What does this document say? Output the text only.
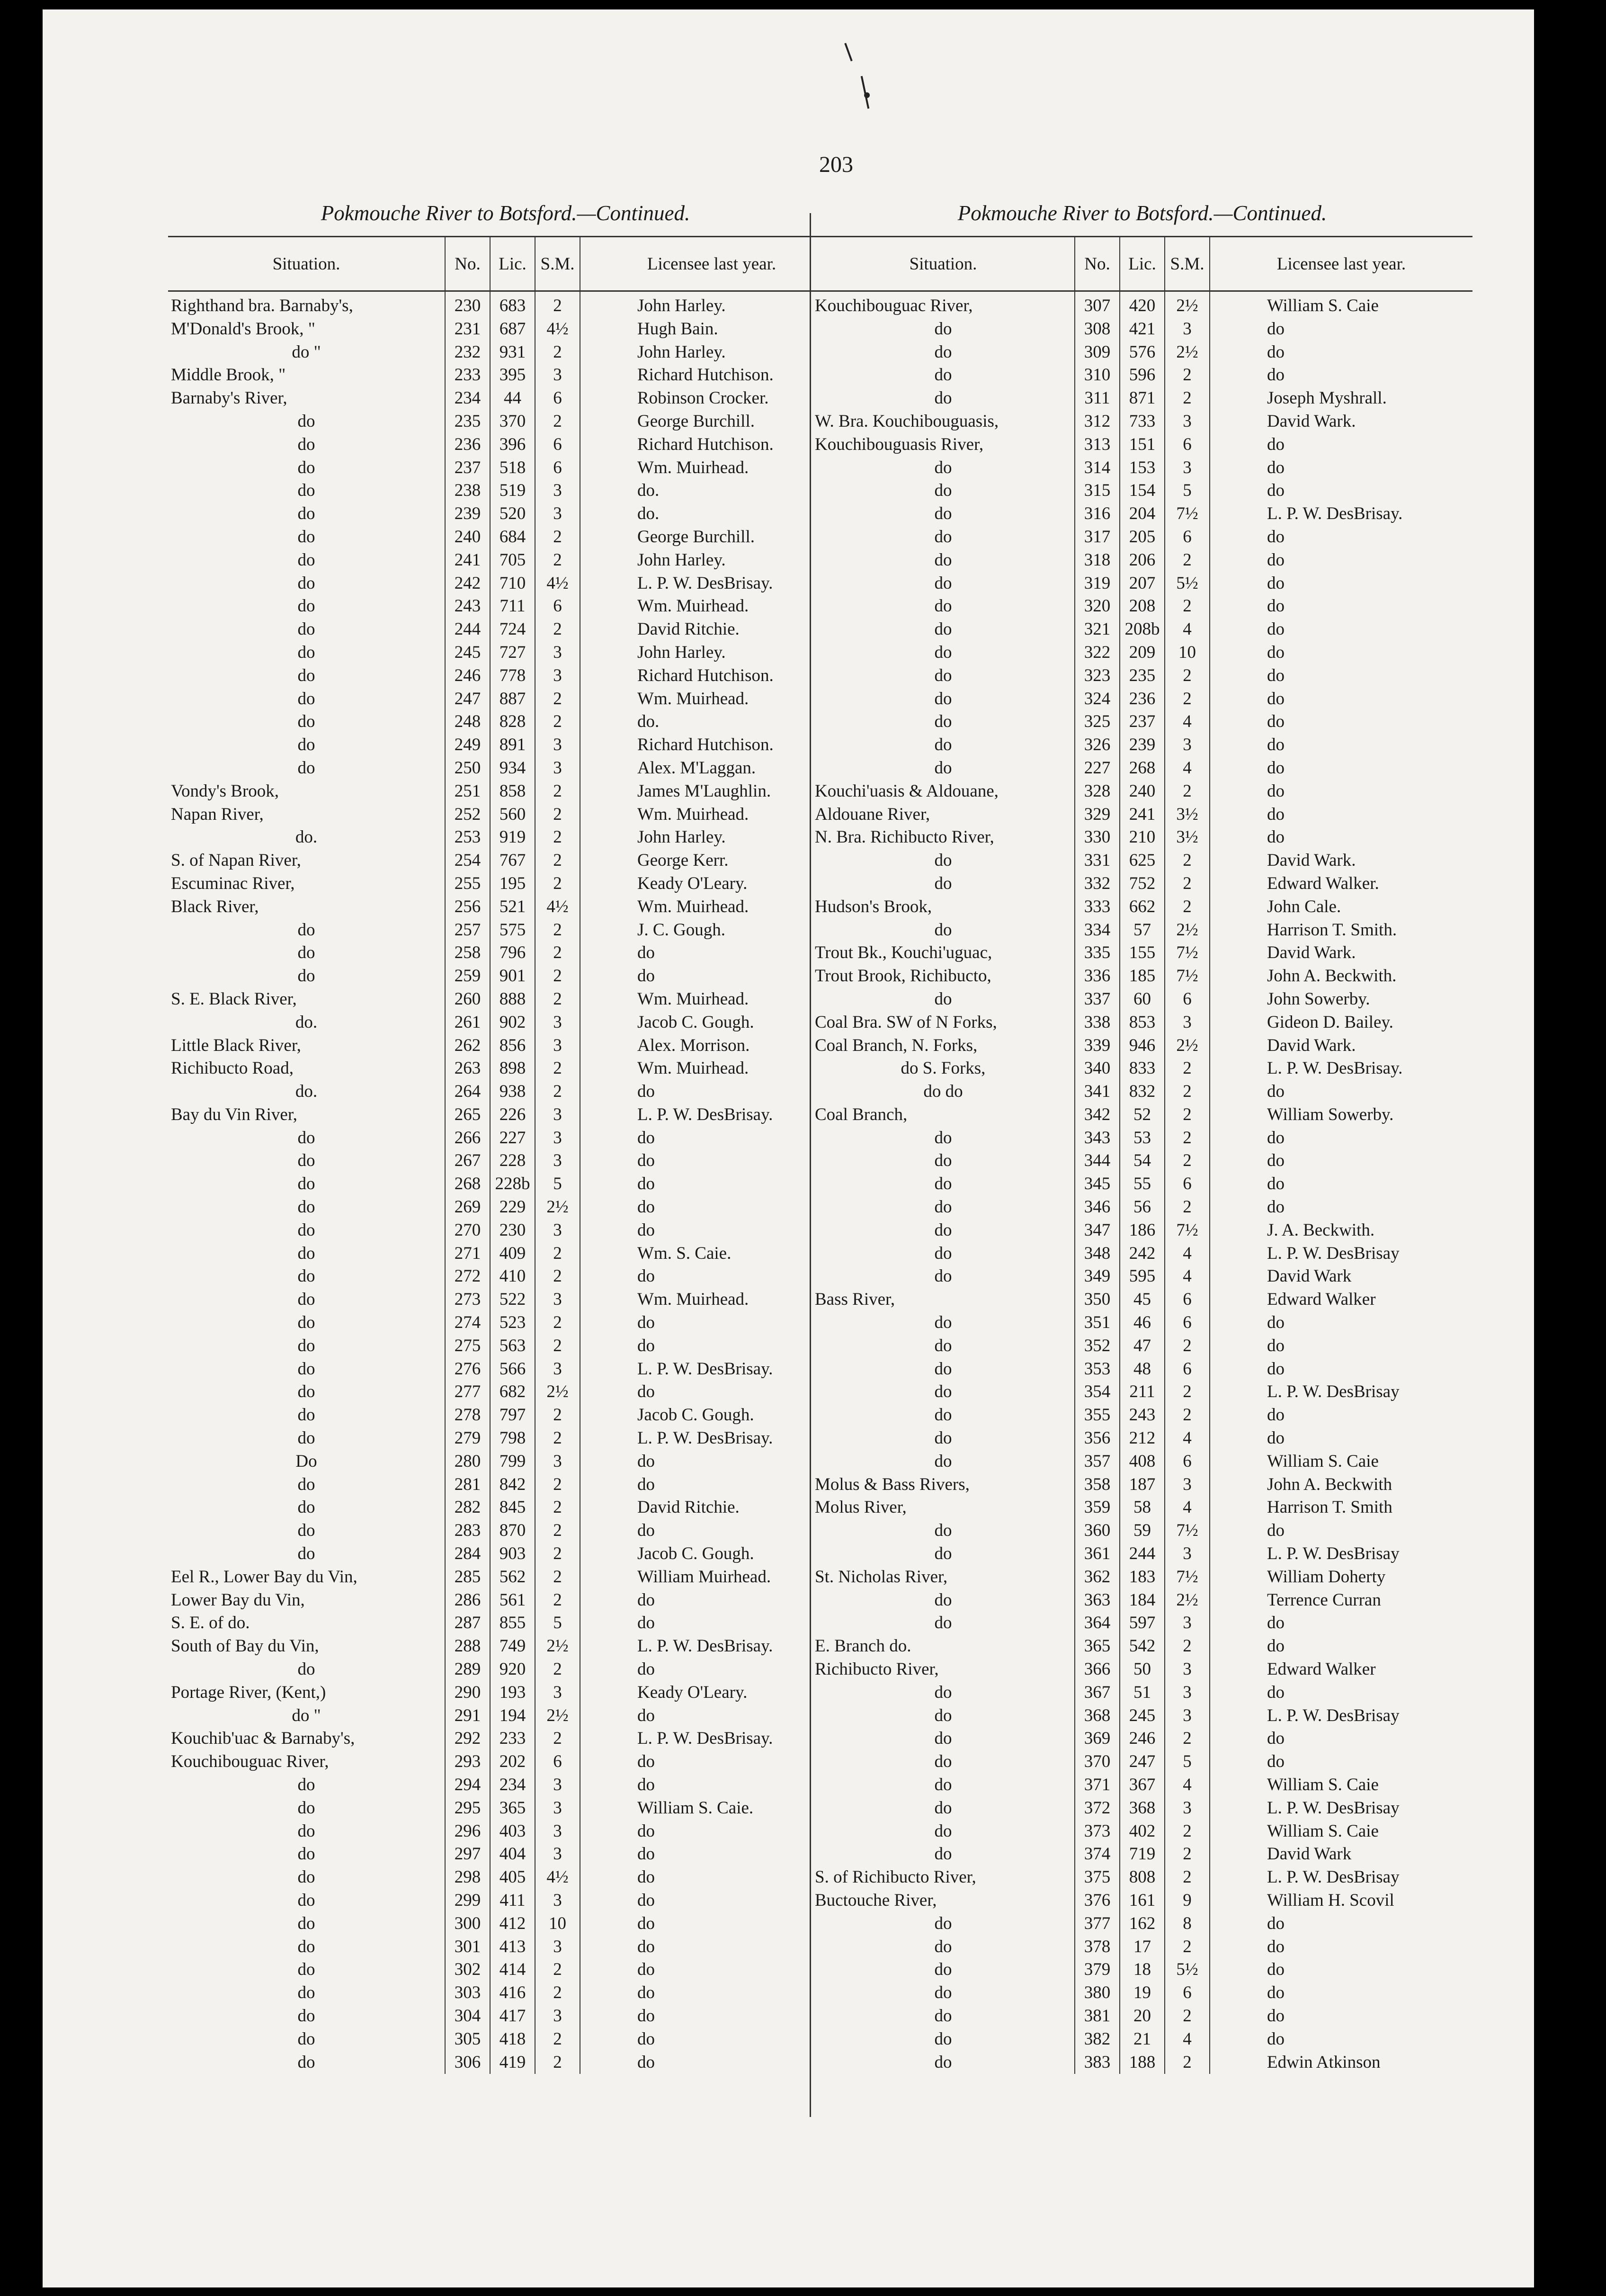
203
Pokmouche River to Botsford.—Continued.
Situation.	No.	Lic.	S.M.	Licensee last year.
Righthand bra. Barnaby's,	230	683	2	John Harley.
M'Donald's Brook, "	231	687	4½	Hugh Bain.
do "	232	931	2	John Harley.
Middle Brook, "	233	395	3	Richard Hutchison.
Barnaby's River,	234	44	6	Robinson Crocker.
do	235	370	2	George Burchill.
do	236	396	6	Richard Hutchison.
do	237	518	6	Wm. Muirhead.
do	238	519	3	do.
do	239	520	3	do.
do	240	684	2	George Burchill.
do	241	705	2	John Harley.
do	242	710	4½	L. P. W. DesBrisay.
do	243	711	6	Wm. Muirhead.
do	244	724	2	David Ritchie.
do	245	727	3	John Harley.
do	246	778	3	Richard Hutchison.
do	247	887	2	Wm. Muirhead.
do	248	828	2	do.
do	249	891	3	Richard Hutchison.
do	250	934	3	Alex. M'Laggan.
Vondy's Brook,	251	858	2	James M'Laughlin.
Napan River,	252	560	2	Wm. Muirhead.
do.	253	919	2	John Harley.
S. of Napan River,	254	767	2	George Kerr.
Escuminac River,	255	195	2	Keady O'Leary.
Black River,	256	521	4½	Wm. Muirhead.
do	257	575	2	J. C. Gough.
do	258	796	2	do
do	259	901	2	do
S. E. Black River,	260	888	2	Wm. Muirhead.
do.	261	902	3	Jacob C. Gough.
Little Black River,	262	856	3	Alex. Morrison.
Richibucto Road,	263	898	2	Wm. Muirhead.
do.	264	938	2	do
Bay du Vin River,	265	226	3	L. P. W. DesBrisay.
do	266	227	3	do
do	267	228	3	do
do	268	228b	5	do
do	269	229	2½	do
do	270	230	3	do
do	271	409	2	Wm. S. Caie.
do	272	410	2	do
do	273	522	3	Wm. Muirhead.
do	274	523	2	do
do	275	563	2	do
do	276	566	3	L. P. W. DesBrisay.
do	277	682	2½	do
do	278	797	2	Jacob C. Gough.
do	279	798	2	L. P. W. DesBrisay.
Do	280	799	3	do
do	281	842	2	do
do	282	845	2	David Ritchie.
do	283	870	2	do
do	284	903	2	Jacob C. Gough.
Eel R., Lower Bay du Vin,	285	562	2	William Muirhead.
Lower Bay du Vin,	286	561	2	do
S. E. of do.	287	855	5	do
South of Bay du Vin,	288	749	2½	L. P. W. DesBrisay.
do	289	920	2	do
Portage River, (Kent,)	290	193	3	Keady O'Leary.
do "	291	194	2½	do
Kouchib'uac & Barnaby's,	292	233	2	L. P. W. DesBrisay.
Kouchibouguac River,	293	202	6	do
do	294	234	3	do
do	295	365	3	William S. Caie.
do	296	403	3	do
do	297	404	3	do
do	298	405	4½	do
do	299	411	3	do
do	300	412	10	do
do	301	413	3	do
do	302	414	2	do
do	303	416	2	do
do	304	417	3	do
do	305	418	2	do
do	306	419	2	do
Pokmouche River to Botsford.—Continued.
Situation.	No.	Lic.	S.M.	Licensee last year.
Kouchibouguac River,	307	420	2½	William S. Caie
do	308	421	3	do
do	309	576	2½	do
do	310	596	2	do
do	311	871	2	Joseph Myshrall.
W. Bra. Kouchibouguasis,	312	733	3	David Wark.
Kouchibouguasis River,	313	151	6	do
do	314	153	3	do
do	315	154	5	do
do	316	204	7½	L. P. W. DesBrisay.
do	317	205	6	do
do	318	206	2	do
do	319	207	5½	do
do	320	208	2	do
do	321	208b	4	do
do	322	209	10	do
do	323	235	2	do
do	324	236	2	do
do	325	237	4	do
do	326	239	3	do
do	227	268	4	do
Kouchi'uasis & Aldouane,	328	240	2	do
Aldouane River,	329	241	3½	do
N. Bra. Richibucto River,	330	210	3½	do
do	331	625	2	David Wark.
do	332	752	2	Edward Walker.
Hudson's Brook,	333	662	2	John Cale.
do	334	57	2½	Harrison T. Smith.
Trout Bk., Kouchi'uguac,	335	155	7½	David Wark.
Trout Brook, Richibucto,	336	185	7½	John A. Beckwith.
do	337	60	6	John Sowerby.
Coal Bra. SW of N Forks,	338	853	3	Gideon D. Bailey.
Coal Branch, N. Forks,	339	946	2½	David Wark.
do S. Forks,	340	833	2	L. P. W. DesBrisay.
do do	341	832	2	do
Coal Branch,	342	52	2	William Sowerby.
do	343	53	2	do
do	344	54	2	do
do	345	55	6	do
do	346	56	2	do
do	347	186	7½	J. A. Beckwith.
do	348	242	4	L. P. W. DesBrisay
do	349	595	4	David Wark
Bass River,	350	45	6	Edward Walker
do	351	46	6	do
do	352	47	2	do
do	353	48	6	do
do	354	211	2	L. P. W. DesBrisay
do	355	243	2	do
do	356	212	4	do
do	357	408	6	William S. Caie
Molus & Bass Rivers,	358	187	3	John A. Beckwith
Molus River,	359	58	4	Harrison T. Smith
do	360	59	7½	do
do	361	244	3	L. P. W. DesBrisay
St. Nicholas River,	362	183	7½	William Doherty
do	363	184	2½	Terrence Curran
do	364	597	3	do
E. Branch do.	365	542	2	do
Richibucto River,	366	50	3	Edward Walker
do	367	51	3	do
do	368	245	3	L. P. W. DesBrisay
do	369	246	2	do
do	370	247	5	do
do	371	367	4	William S. Caie
do	372	368	3	L. P. W. DesBrisay
do	373	402	2	William S. Caie
do	374	719	2	David Wark
S. of Richibucto River,	375	808	2	L. P. W. DesBrisay
Buctouche River,	376	161	9	William H. Scovil
do	377	162	8	do
do	378	17	2	do
do	379	18	5½	do
do	380	19	6	do
do	381	20	2	do
do	382	21	4	do
do	383	188	2	Edwin Atkinson
